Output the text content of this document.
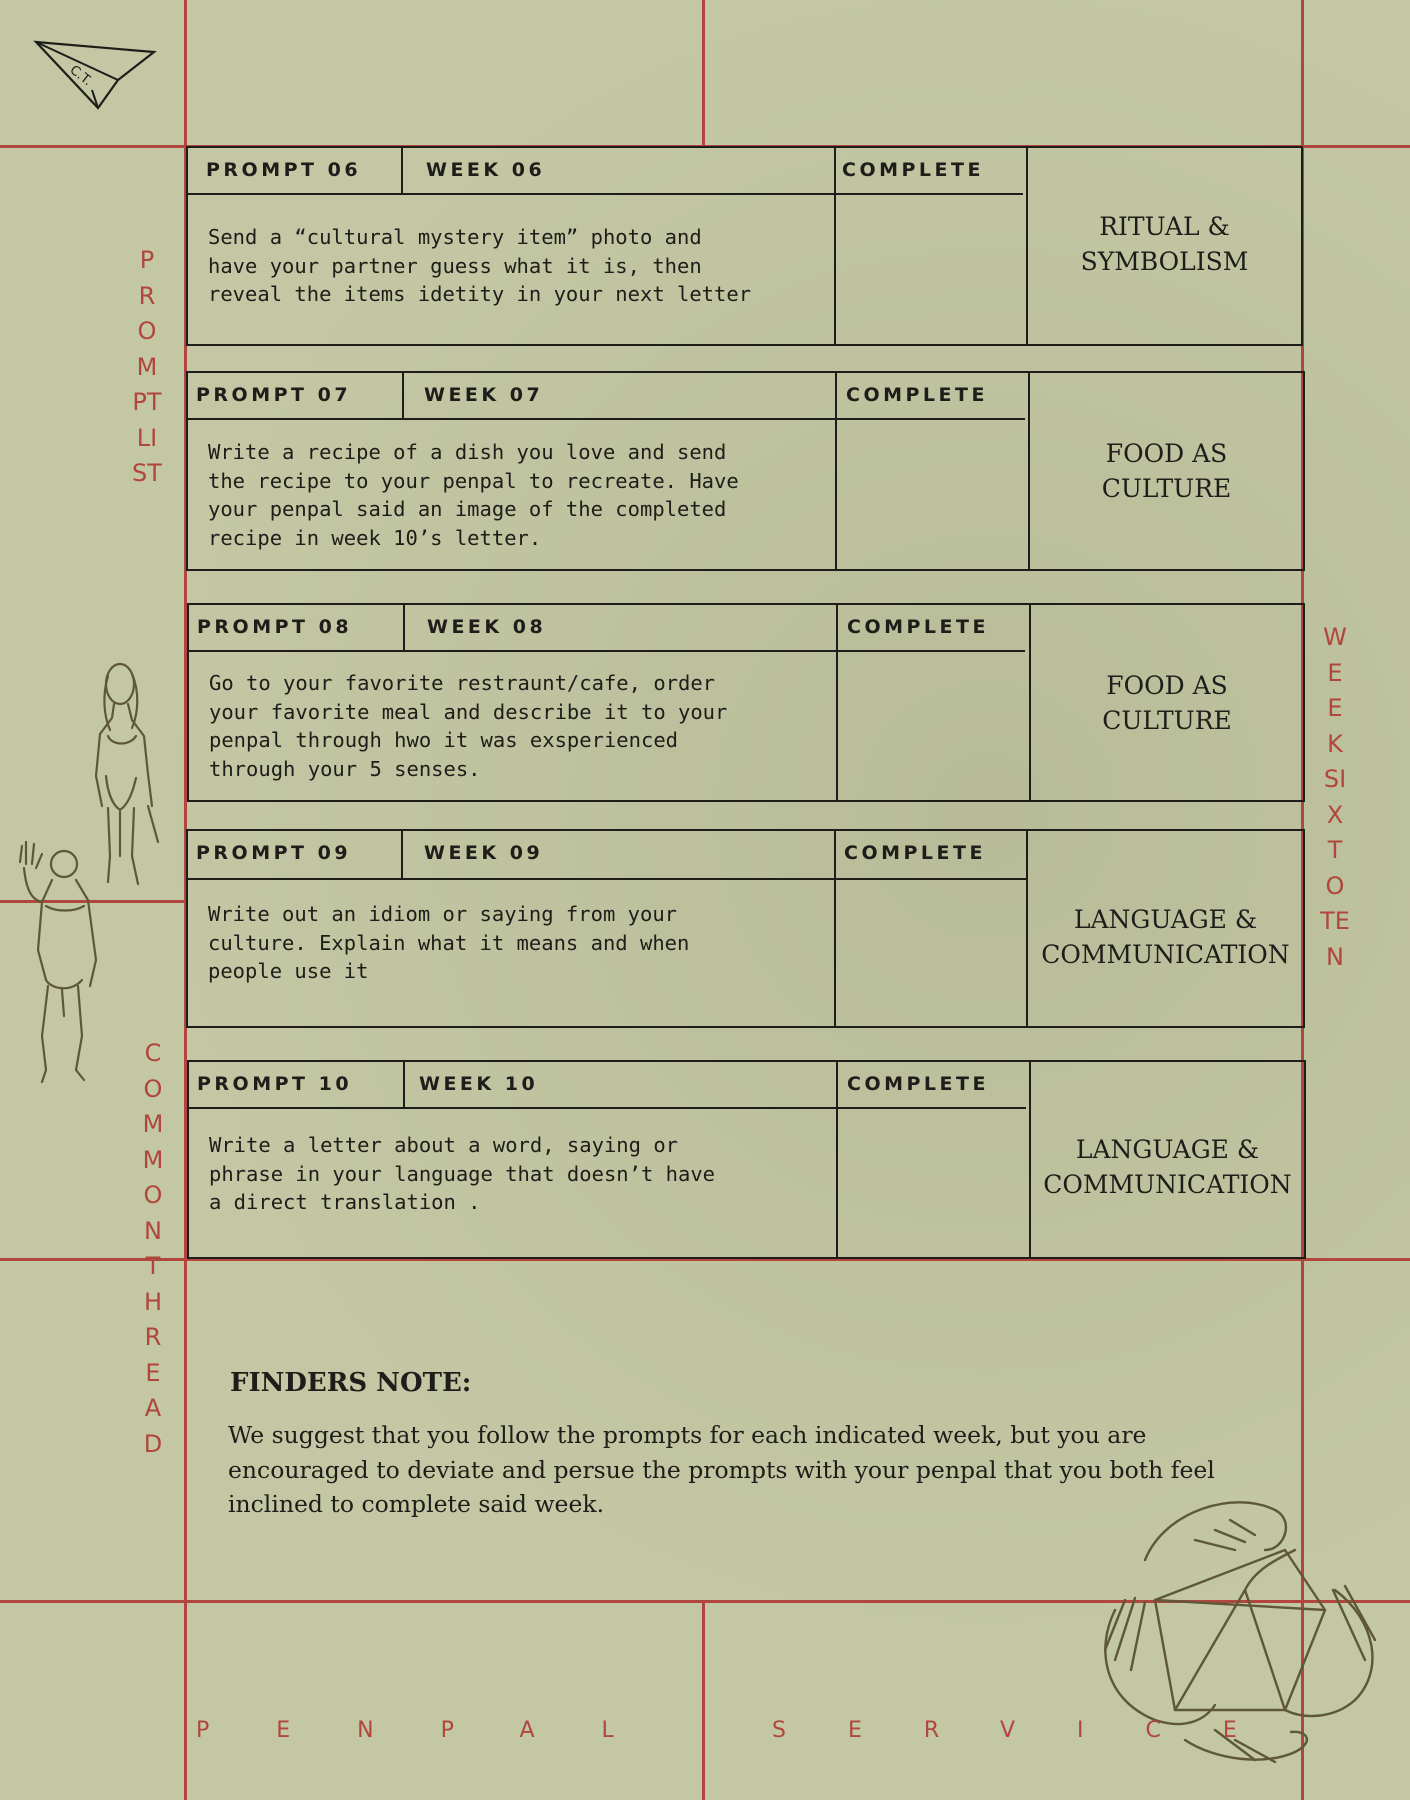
C.T.
PROMPT LIST
COMMON THREAD
WEEK SIX TO TEN
PROMPT 06	WEEK 06	COMPLETE
Send a “cultural mystery item” photo and
have your partner guess what it is, then
reveal the items idetity in your next letter
RITUAL &
SYMBOLISM
PROMPT 07	WEEK 07	COMPLETE
Write a recipe of a dish you love and send
the recipe to your penpal to recreate. Have
your penpal said an image of the completed
recipe in week 10’s letter.
FOOD AS
CULTURE
PROMPT 08	WEEK 08	COMPLETE
Go to your favorite restraunt/cafe, order
your favorite meal and describe it to your
penpal through hwo it was exsperienced
through your 5 senses.
FOOD AS
CULTURE
PROMPT 09	WEEK 09	COMPLETE
Write out an idiom or saying from your
culture. Explain what it means and when
people use it
LANGUAGE &
COMMUNICATION
PROMPT 10	WEEK 10	COMPLETE
Write a letter about a word, saying or
phrase in your language that doesn’t have
a direct translation .
LANGUAGE &
COMMUNICATION
FINDERS NOTE:
We suggest that you follow the prompts for each indicated week, but you are encouraged to deviate and persue the prompts with your penpal that you both feel inclined to complete said week.
PENPAL	SERVICE
